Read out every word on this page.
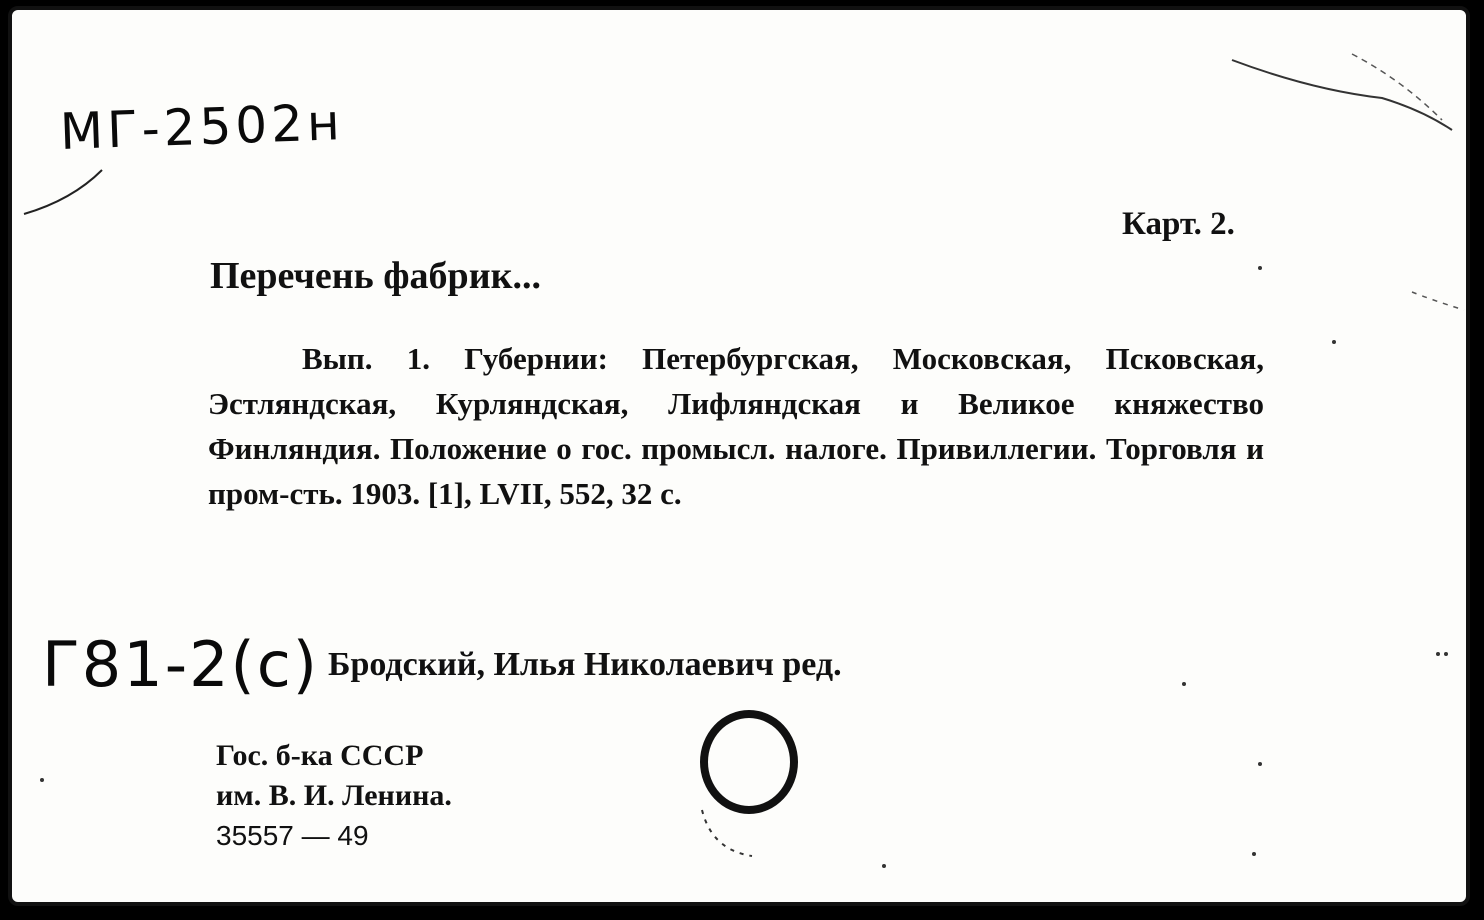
МГ-2502н
Карт. 2.
Перечень фабрик...
Вып. 1. Губернии: Петербургская, Московская, Псковская, Эстляндская, Курляндская, Лифляндская и Великое княжество Финляндия. Положение о гос. промысл. налоге. Привиллегии. Торговля и пром-сть. 1903. [1], LVII, 552, 32 с.
Г81-2(с) Бродский, Илья Николаевич ред.
Гос. б-ка СССР
им. В. И. Ленина.
35557 — 49
